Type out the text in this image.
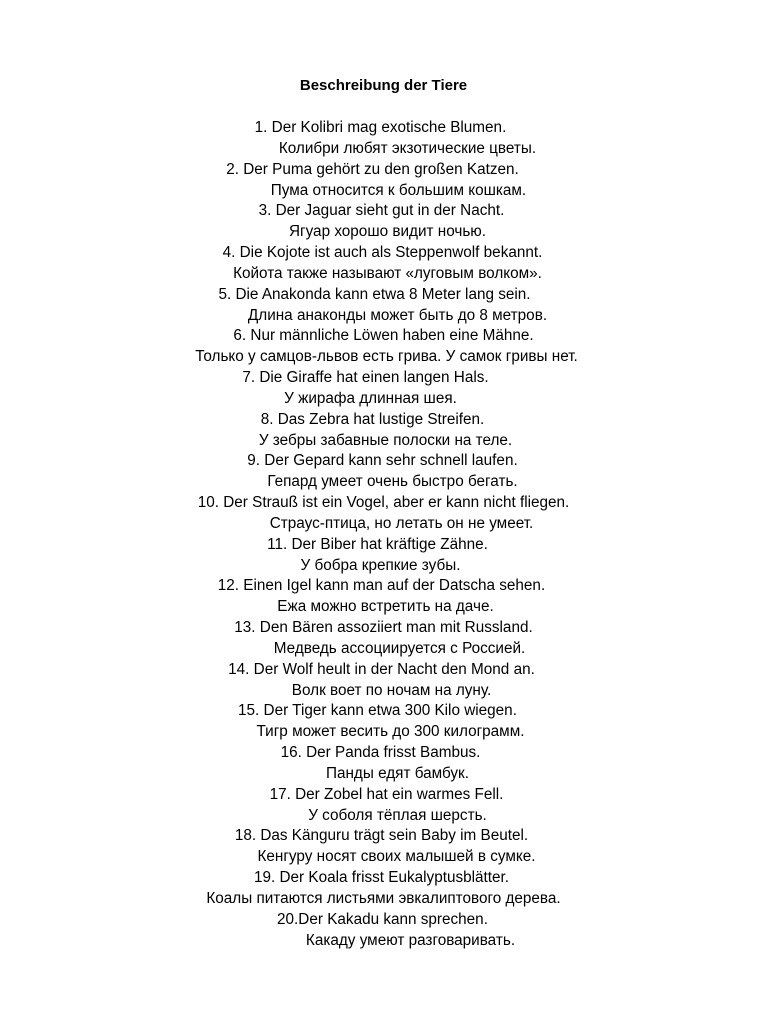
Beschreibung der Tiere
1. Der Kolibri mag exotische Blumen.
Колибри любят экзотические цветы.
2. Der Puma gehört zu den großen Katzen.
Пума относится к большим кошкам.
3. Der Jaguar sieht gut in der Nacht.
Ягуар хорошо видит ночью.
4. Die Kojote ist auch als Steppenwolf bekannt.
Койота также называют «луговым волком».
5. Die Anakonda kann etwa 8 Meter lang sein.
Длина анаконды может быть до 8 метров.
6. Nur männliche Löwen haben eine Mähne.
Только у самцов-львов есть грива. У самок гривы нет.
7. Die Giraffe hat einen langen Hals.
У жирафа длинная шея.
8. Das Zebra hat lustige Streifen.
У зебры забавные полоски на теле.
9. Der Gepard kann sehr schnell laufen.
Гепард умеет очень быстро бегать.
10. Der Strauß ist ein Vogel, aber er kann nicht fliegen.
Страус-птица, но летать он не умеет.
11. Der Biber hat kräftige Zähne.
У бобра крепкие зубы.
12. Einen Igel kann man auf der Datscha sehen.
Ежа можно встретить на даче.
13. Den Bären assoziiert man mit Russland.
Медведь ассоциируется с Россией.
14. Der Wolf heult in der Nacht den Mond an.
Волк воет по ночам на луну.
15. Der Tiger kann etwa 300 Kilo wiegen.
Тигр может весить до 300 килограмм.
16. Der Panda frisst Bambus.
Панды едят бамбук.
17. Der Zobel hat ein warmes Fell.
У соболя тёплая шерсть.
18. Das Känguru trägt sein Baby im Beutel.
Кенгуру носят своих малышей в сумке.
19. Der Koala frisst Eukalyptusblätter.
Коалы питаются листьями эвкалиптового дерева.
20.Der Kakadu kann sprechen.
Какаду умеют разговаривать.
